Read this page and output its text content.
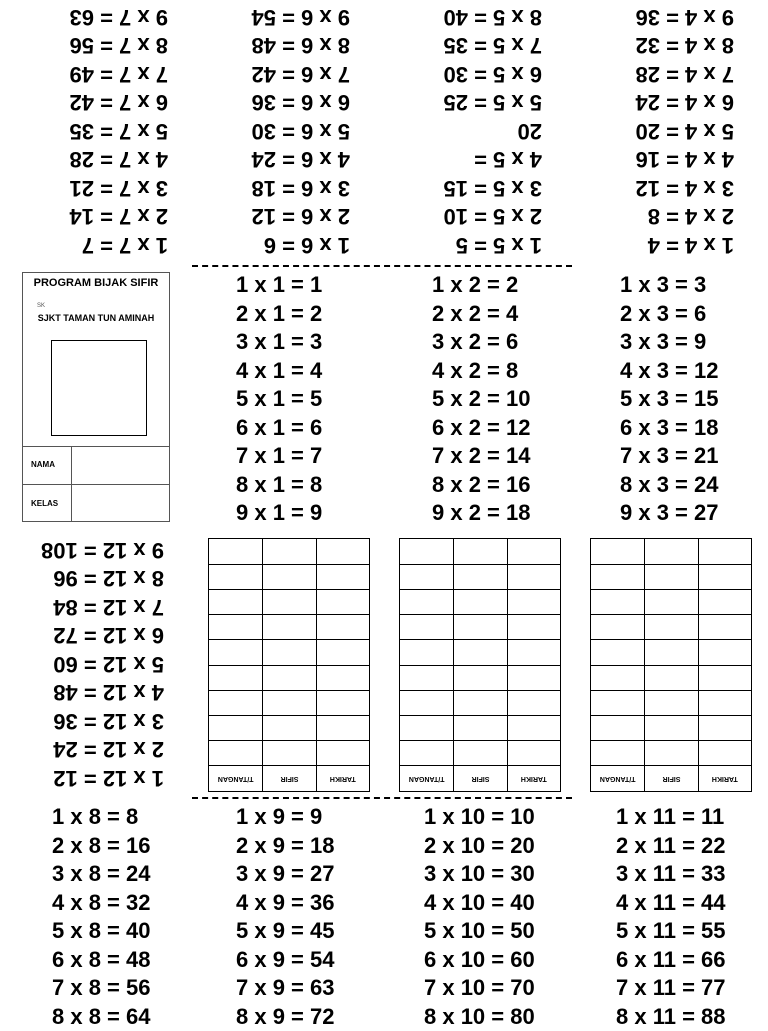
1 x 4 = 4
2 x 4 = 8
3 x 4 = 12
4 x 4 = 16
5 x 4 = 20
6 x 4 = 24
7 x 4 = 28
8 x 4 = 32
9 x 4 = 36
1 x 5 = 5
2 x 5 = 10
3 x 5 = 15
4 x 5 =
20
5 x 5 = 25
6 x 5 = 30
7 x 5 = 35
8 x 5 = 40
1 x 6 = 6
2 x 6 = 12
3 x 6 = 18
4 x 6 = 24
5 x 6 = 30
6 x 6 = 36
7 x 6 = 42
8 x 6 = 48
9 x 6 = 54
1 x 7 = 7
2 x 7 = 14
3 x 7 = 21
4 x 7 = 28
5 x 7 = 35
6 x 7 = 42
7 x 7 = 49
8 x 7 = 56
9 x 7 = 63
PROGRAM BIJAK SIFIR
SK
SJKT TAMAN TUN AMINAH
NAMA
KELAS
1 x 1 = 1
2 x 1 = 2
3 x 1 = 3
4 x 1 = 4
5 x 1 = 5
6 x 1 = 6
7 x 1 = 7
8 x 1 = 8
9 x 1 = 9
1 x 2 = 2
2 x 2 = 4
3 x 2 = 6
4 x 2 = 8
5 x 2 = 10
6 x 2 = 12
7 x 2 = 14
8 x 2 = 16
9 x 2 = 18
1 x 3 = 3
2 x 3 = 6
3 x 3 = 9
4 x 3 = 12
5 x 3 = 15
6 x 3 = 18
7 x 3 = 21
8 x 3 = 24
9 x 3 = 27
1 x 12 = 12
2 x 12 = 24
3 x 12 = 36
4 x 12 = 48
5 x 12 = 60
6 x 12 = 72
7 x 12 = 84
8 x 12 = 96
9 x 12 = 108
TARIKH
SIFIR
T/TANGAN	TARIKH
SIFIR
T/TANGAN	TARIKH
SIFIR
T/TANGAN
1 x 8 = 8
2 x 8 = 16
3 x 8 = 24
4 x 8 = 32
5 x 8 = 40
6 x 8 = 48
7 x 8 = 56
8 x 8 = 64
1 x 9 = 9
2 x 9 = 18
3 x 9 = 27
4 x 9 = 36
5 x 9 = 45
6 x 9 = 54
7 x 9 = 63
8 x 9 = 72
1 x 10 = 10
2 x 10 = 20
3 x 10 = 30
4 x 10 = 40
5 x 10 = 50
6 x 10 = 60
7 x 10 = 70
8 x 10 = 80
1 x 11 = 11
2 x 11 = 22
3 x 11 = 33
4 x 11 = 44
5 x 11 = 55
6 x 11 = 66
7 x 11 = 77
8 x 11 = 88
